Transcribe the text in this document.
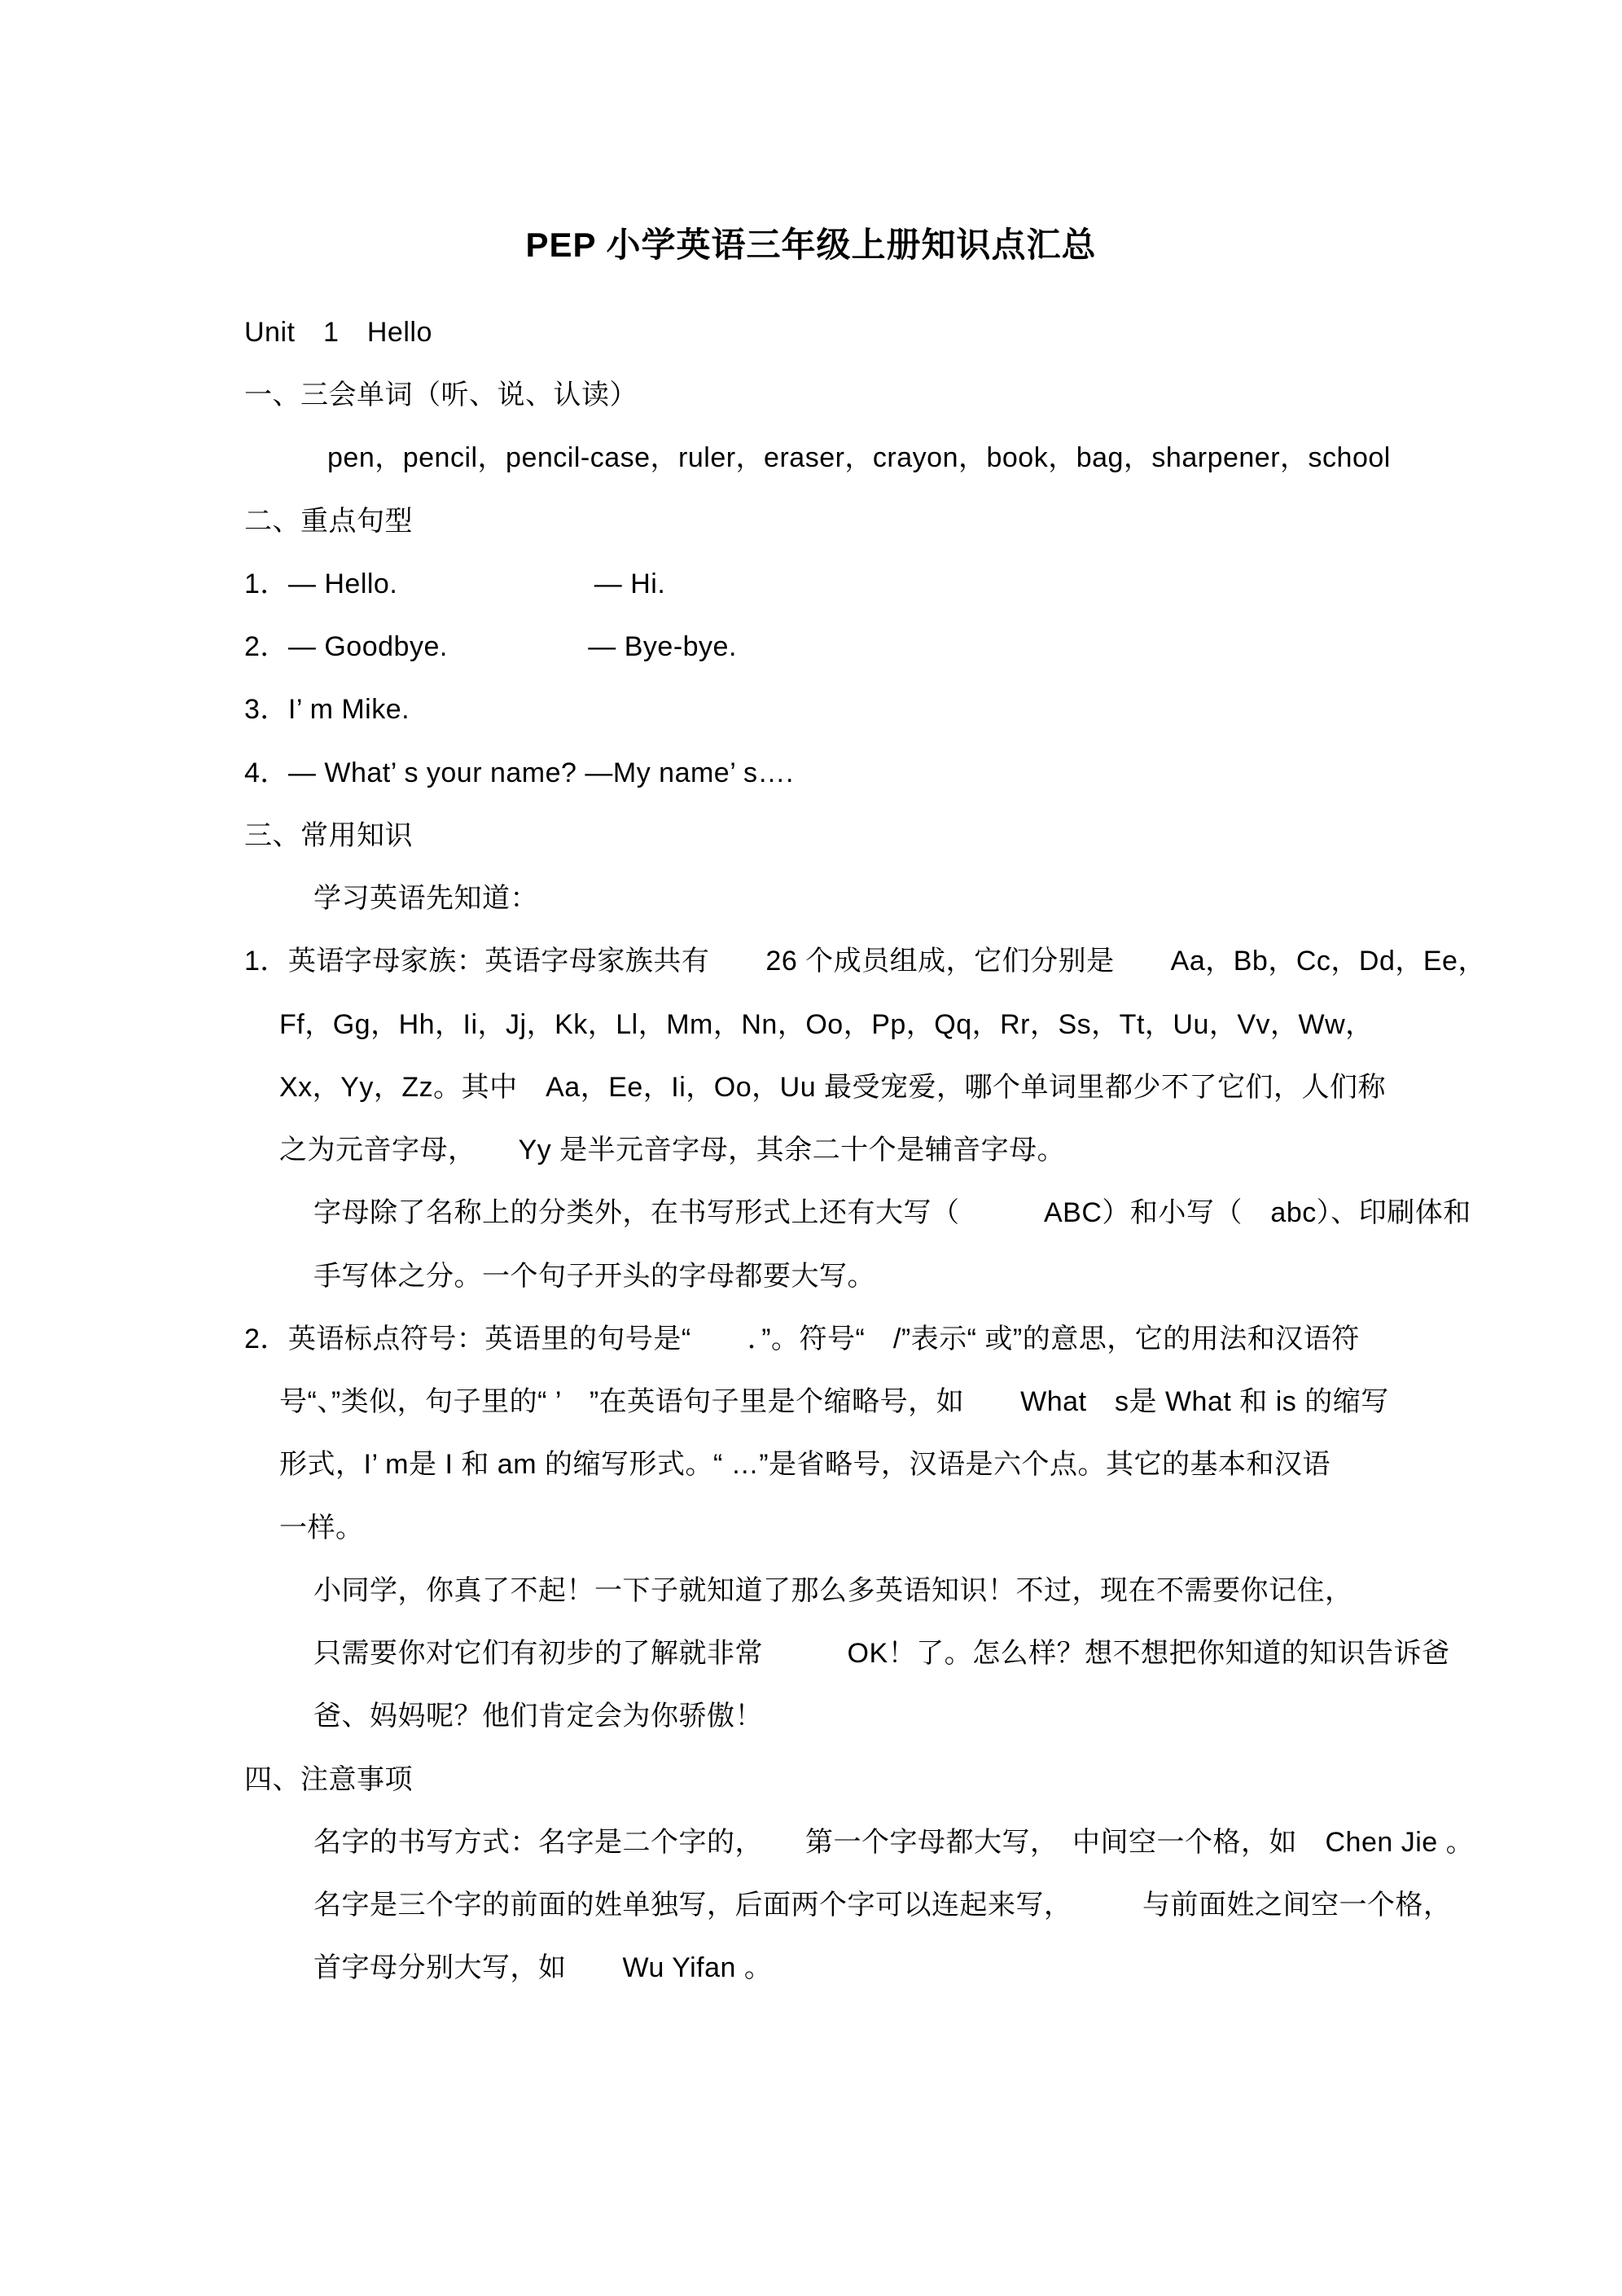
PEP 小学英语三年级上册知识点汇总
Unit　1　Hello
一、三会单词（听、说、认读）
pen，pencil，pencil-case，ruler，eraser，crayon，book，bag，sharpener，school
二、重点句型
1．— Hello.　　　　　　　— Hi.
2．— Goodbye.　　　　　— Bye-bye.
3．I’ m Mike.
4．— What’ s your name? —My name’ s….
三、常用知识
学习英语先知道：
1．英语字母家族：英语字母家族共有　　26 个成员组成，它们分别是　　Aa，Bb，Cc，Dd，Ee，
Ff，Gg，Hh，Ii，Jj，Kk，Ll，Mm，Nn，Oo，Pp，Qq，Rr，Ss，Tt，Uu，Vv，Ww，
Xx，Yy，Zz。其中　Aa，Ee，Ii，Oo，Uu 最受宠爱，哪个单词里都少不了它们，人们称
之为元音字母，　　Yy 是半元音字母，其余二十个是辅音字母。
字母除了名称上的分类外，在书写形式上还有大写（　　　ABC）和小写（　abc）、印刷体和
手写体之分。一个句子开头的字母都要大写。
2．英语标点符号：英语里的句号是“　　．”。符号“　/”表示“ 或”的意思，它的用法和汉语符
号“、”类似，句子里的“ ’　”在英语句子里是个缩略号，如　　What　s是 What 和 is 的缩写
形式，I’ m是 I 和 am 的缩写形式。“ …”是省略号，汉语是六个点。其它的基本和汉语
一样。
小同学，你真了不起！一下子就知道了那么多英语知识！不过，现在不需要你记住，
只需要你对它们有初步的了解就非常　　　OK！了。怎么样？想不想把你知道的知识告诉爸
爸、妈妈呢？他们肯定会为你骄傲！
四、注意事项
名字的书写方式：名字是二个字的，　　第一个字母都大写，　中间空一个格，如　Chen Jie 。
名字是三个字的前面的姓单独写，后面两个字可以连起来写，　　　与前面姓之间空一个格，
首字母分别大写，如　　Wu Yifan 。
